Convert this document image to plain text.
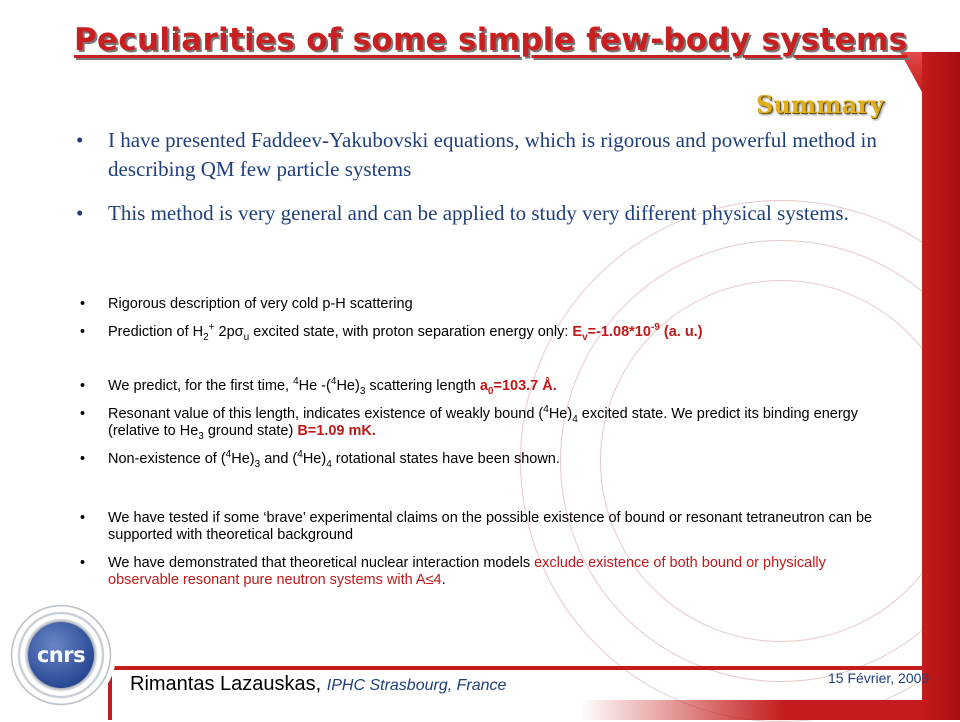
Peculiarities of some simple few-body systems
Summary
• I have presented Faddeev-Yakubovski equations, which is rigorous and powerful method in describing QM few particle systems
• This method is very general and can be applied to study very different physical systems.
• Rigorous description of very cold p-H scattering
• Prediction of $H_2^+$ $2p\sigma_u$ excited state, with proton separation energy only: $E_v=-1.08*10^{-9}$ (a. u.)
• We predict, for the first time, $^4$He $-(^4He)_3$ scattering length $a_0=103.7$ Å.
• Resonant value of this length, indicates existence of weakly bound $(^4He)_4$ excited state. We predict its binding energy (relative to $He_3$ ground state) B=1.09 mK.
• Non-existence of $(^4He)_3$ and $(^4He)_4$ rotational states have been shown.
• We have tested if some ‘brave’ experimental claims on the possible existence of bound or resonant tetraneutron can be supported with theoretical background
• We have demonstrated that theoretical nuclear interaction models exclude existence of both bound or physically observable resonant pure neutron systems with A≤4.
cnrs
Rimantas Lazauskas, IPHC Strasbourg, France	15 Février, 2009
